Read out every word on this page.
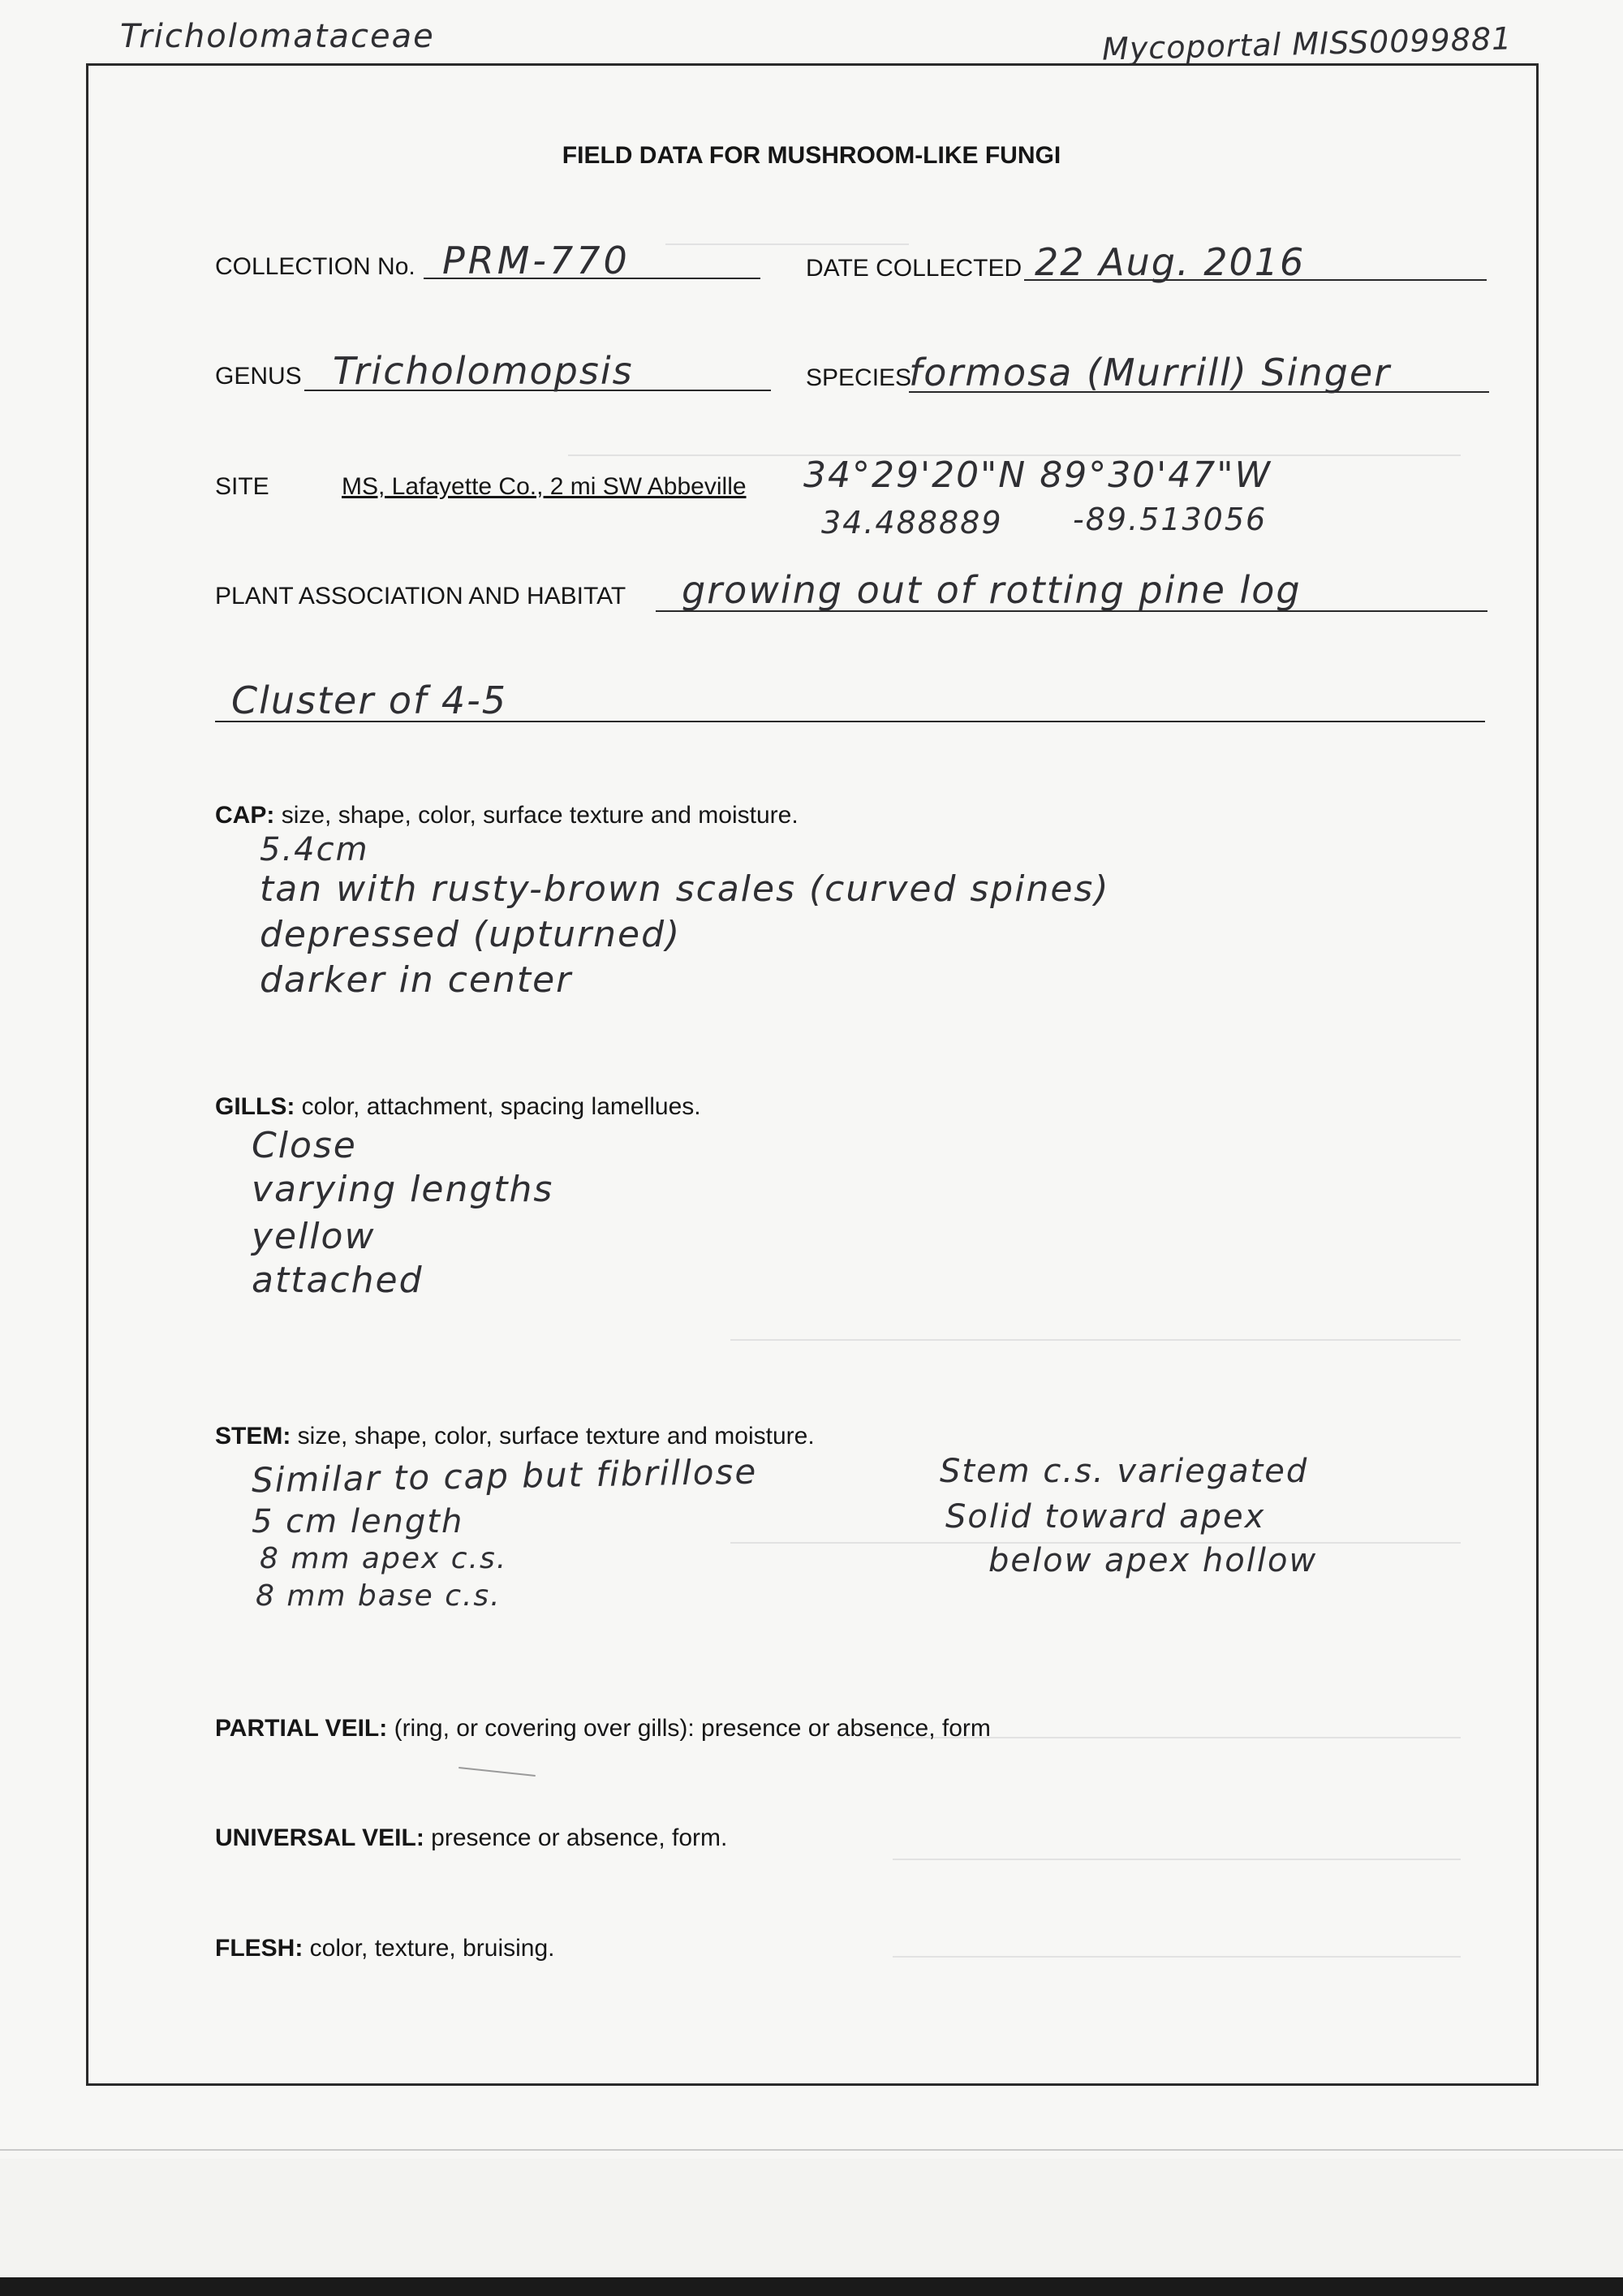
Tricholomataceae	Mycoportal MISS0099881
FIELD DATA FOR MUSHROOM-LIKE FUNGI
COLLECTION No. PRM-770	DATE COLLECTED 22 Aug. 2016
GENUS Tricholomopsis	SPECIES
formosa (Murrill) Singer
SITE	MS, Lafayette Co., 2 mi SW Abbeville 34°29'20"N 89°30'47"W
34.488889 -89.513056
PLANT ASSOCIATION AND HABITAT growing out of rotting pine log
Cluster of 4-5
CAP: size, shape, color, surface texture and moisture.
5.4cm
tan with rusty-brown scales (curved spines)
depressed (upturned)
darker in center
GILLS: color, attachment, spacing lamellues.
Close
varying lengths
yellow
attached
STEM: size, shape, color, surface texture and moisture.
Similar to cap but fibrillose
5 cm length
8 mm apex c.s.
8 mm base c.s.
Stem c.s. variegated
Solid toward apex
below apex hollow
PARTIAL VEIL: (ring, or covering over gills): presence or absence, form
UNIVERSAL VEIL: presence or absence, form.
FLESH: color, texture, bruising.
